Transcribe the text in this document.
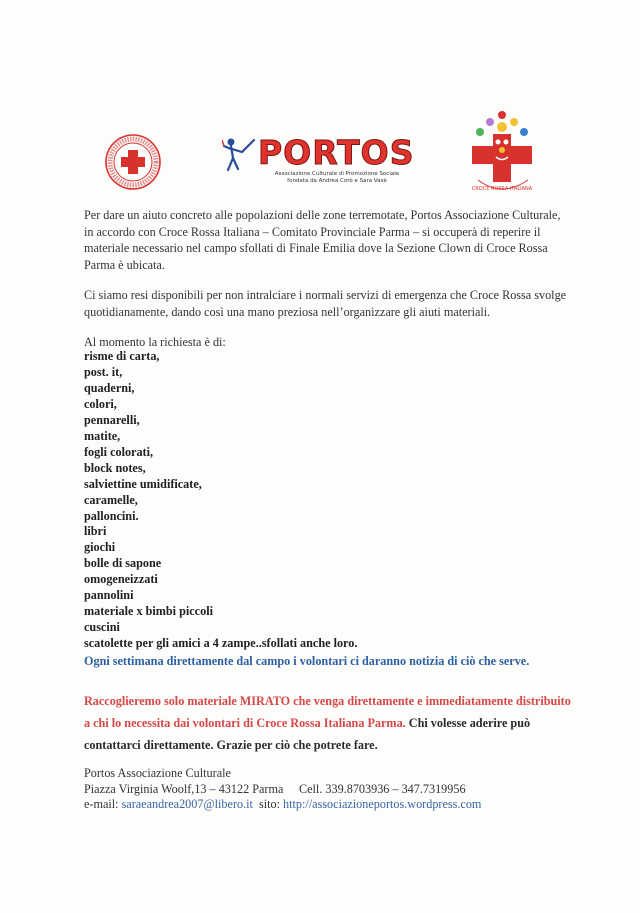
PORTOS
Associazione Culturale di Promozione Sociale
fondata da Andrea Corò e Sara Vasè
CROCE ROSSA ITALIANA
Per dare un aiuto concreto alle popolazioni delle zone terremotate, Portos Associazione Culturale,
in accordo con Croce Rossa Italiana – Comitato Provinciale Parma – si occuperà di reperire il
materiale necessario nel campo sfollati di Finale Emilia dove la Sezione Clown di Croce Rossa
Parma è ubicata.
Ci siamo resi disponibili per non intralciare i normali servizi di emergenza che Croce Rossa svolge
quotidianamente, dando così una mano preziosa nell’organizzare gli aiuti materiali.
Al momento la richiesta è di:
risme di carta,
post. it,
quaderni,
colori,
pennarelli,
matite,
fogli colorati,
block notes,
salviettine umidificate,
caramelle,
palloncini.
libri
giochi
bolle di sapone
omogeneizzati
pannolini
materiale x bimbi piccoli
cuscini
scatolette per gli amici a 4 zampe..sfollati anche loro.
Ogni settimana direttamente dal campo i volontari ci daranno notizia di ciò che serve.
Raccoglieremo solo materiale MIRATO che venga direttamente e immediatamente distribuito
a chi lo necessita dai volontari di Croce Rossa Italiana Parma. Chi volesse aderire può
contattarci direttamente. Grazie per ciò che potrete fare.
Portos Associazione Culturale
Piazza Virginia Woolf,13 – 43122 Parma Cell. 339.8703936 – 347.7319956
e-mail: saraeandrea2007@libero.it sito: http://associazioneportos.wordpress.com
